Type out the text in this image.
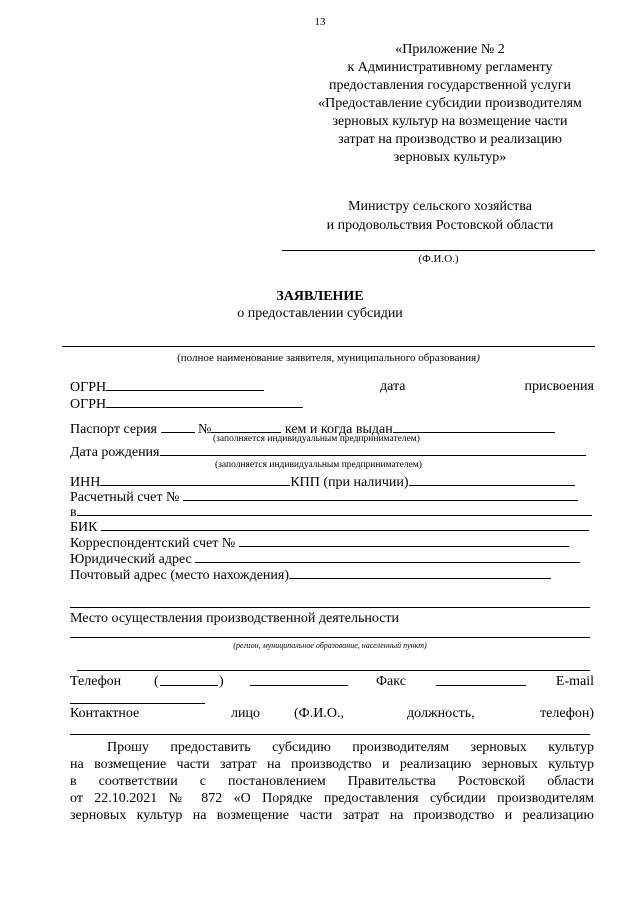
13
«Приложение № 2
к Административному регламенту
предоставления государственной услуги
«Предоставление субсидии производителям
зерновых культур на возмещение части
затрат на производство и реализацию
зерновых культур»
Министру сельского хозяйства
и продовольствия Ростовской области
(Ф.И.О.)
ЗАЯВЛЕНИЕ
о предоставлении субсидии
(полное наименование заявителя, муниципального образования)
ОГРН	дата	присвоения
ОГРН
Паспорт серия	№	кем и когда выдан
(заполняется индивидуальным предпринимателем)
Дата рождения
(заполняется индивидуальным предпринимателем)
ИНН	КПП (при наличии)
Расчетный счет №
в
БИК
Корреспондентский счет №
Юридический адрес
Почтовый адрес (место нахождения)
Место осуществления производственной деятельности
(регион, муниципальное образование, населенный пункт)
Телефон (	)	Факс	E-mail
Контактное	лицо (Ф.И.О.,	должность,	телефон)
Прошу предоставить субсидию производителям зерновых культур
на возмещение части затрат на производство и реализацию зерновых культур
в соответствии с постановлением Правительства Ростовской области
от 22.10.2021 № 872 «О Порядке предоставления субсидии производителям
зерновых культур на возмещение части затрат на производство и реализацию
